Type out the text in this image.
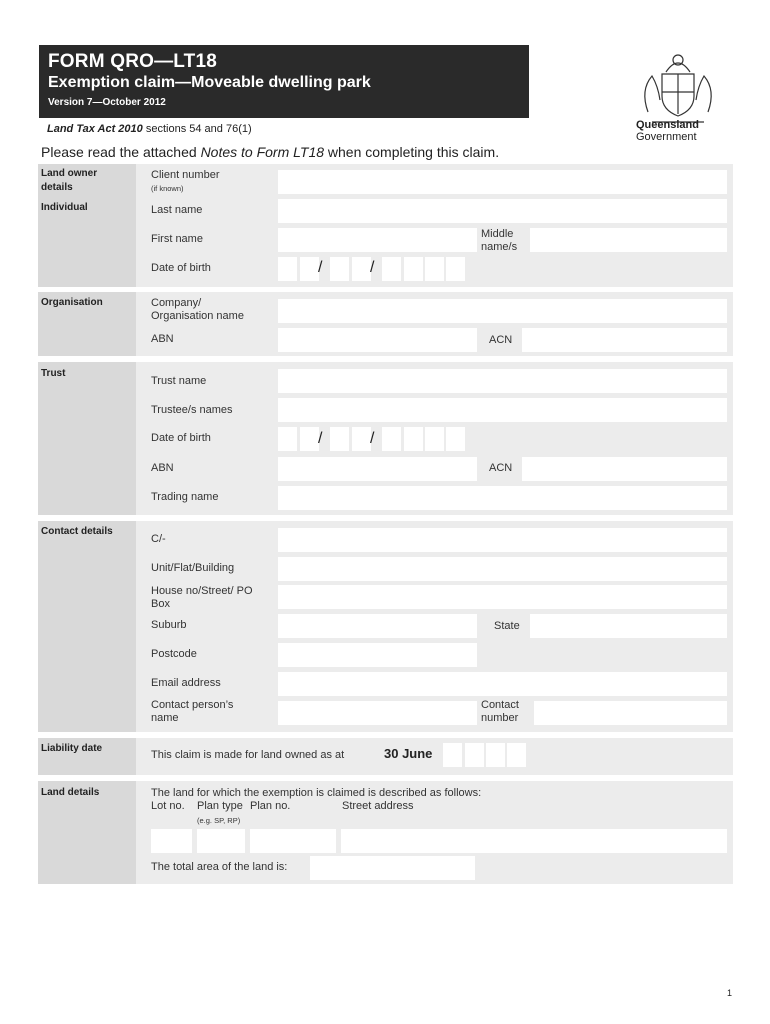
FORM QRO—LT18
Exemption claim—Moveable dwelling park
Version 7—October 2012
Land Tax Act 2010 sections 54 and 76(1)
Please read the attached Notes to Form LT18 when completing this claim.
Queensland
Government
Land owner details
Individual
Client number
(if known)
Last name
First name	Middle name/s
Date of birth	/	/
Organisation	Company/ Organisation name
ABN	ACN
Trust
Trust name
Trustee/s names
Date of birth	/	/
ABN	ACN
Trading name
Contact details
C/-
Unit/Flat/Building
House no/Street/ PO Box
Suburb	State
Postcode
Email address
Contact person’s name
Contact number
Liability date
This claim is made for land owned as at	30 June
Land details	The land for which the exemption is claimed is described as follows:
Lot no. Plan type Plan no.	Street address
(e.g. SP, RP)
The total area of the land is:
1
